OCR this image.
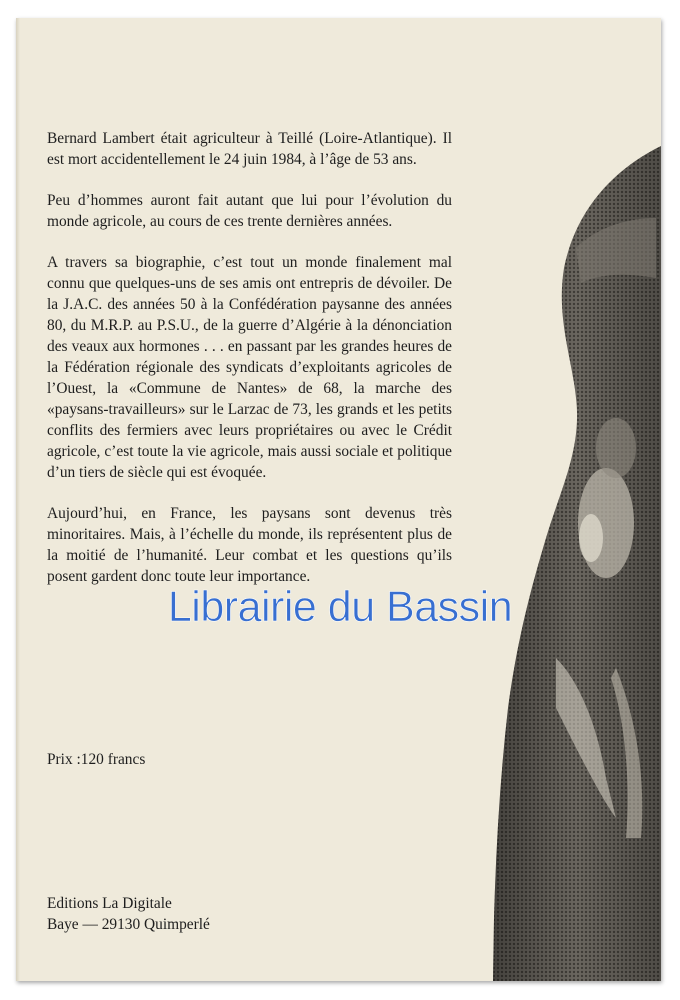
Bernard Lambert était agriculteur à Teillé (Loire-Atlantique). Il est mort accidentellement le 24 juin 1984, à l’âge de 53 ans.

Peu d’hommes auront fait autant que lui pour l’évolution du monde agricole, au cours de ces trente dernières années.

A travers sa biographie, c’est tout un monde finalement mal connu que quelques-uns de ses amis ont entrepris de dévoiler. De la J.A.C. des années 50 à la Confédération paysanne des années 80, du M.R.P. au P.S.U., de la guerre d’Algérie à la dénonciation des veaux aux hormones . . . en passant par les grandes heures de la Fédération régionale des syndicats d’exploitants agricoles de l’Ouest, la «Commune de Nantes» de 68, la marche des «paysans-travailleurs» sur le Larzac de 73, les grands et les petits conflits des fermiers avec leurs propriétaires ou avec le Crédit agricole, c’est toute la vie agricole, mais aussi sociale et politique d’un tiers de siècle qui est évoquée.

Aujourd’hui, en France, les paysans sont devenus très minoritaires. Mais, à l’échelle du monde, ils représentent plus de la moitié de l’humanité. Leur combat et les questions qu’ils posent gardent donc toute leur importance.

Prix :120 francs
Editions La Digitale
Baye — 29130 Quimperlé
Librairie du Bassin
